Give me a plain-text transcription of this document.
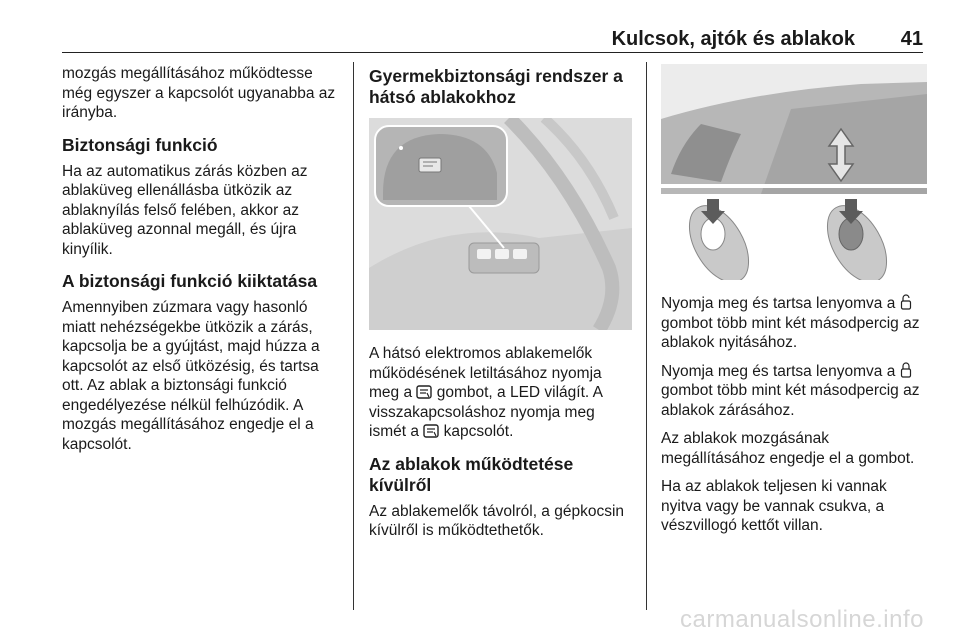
Kulcsok, ajtók és ablakok 41

mozgás megállításához működtesse még egyszer a kapcsolót ugyanabba az irányba.

Biztonsági funkció

Ha az automatikus zárás közben az ablaküveg ellenállásba ütközik az ablaknyílás felső felében, akkor az ablaküveg azonnal megáll, és újra kinyílik.

A biztonsági funkció kiiktatása

Amennyiben zúzmara vagy hasonló miatt nehézségekbe ütközik a zárás, kapcsolja be a gyújtást, majd húzza a kapcsolót az első ütközésig, és tartsa ott. Az ablak a biztonsági funkció engedélyezése nélkül felhúzódik. A mozgás megállításához engedje el a kapcsolót.

Gyermekbiztonsági rendszer a hátsó ablakokhoz

A hátsó elektromos ablakemelők működésének letiltásához nyomja meg a gombot, a LED világít. A visszakapcsoláshoz nyomja meg ismét a kapcsolót.

Az ablakok működtetése kívülről

Az ablakemelők távolról, a gépkocsin kívülről is működtethetők.

Nyomja meg és tartsa lenyomva a  gombot több mint két másodpercig az ablakok nyitásához.

Nyomja meg és tartsa lenyomva a  gombot több mint két másodpercig az ablakok zárásához.

Az ablakok mozgásának megállításához engedje el a gombot.

Ha az ablakok teljesen ki vannak nyitva vagy be vannak csukva, a vészvillogó kettőt villan.

carmanualsonline.info
